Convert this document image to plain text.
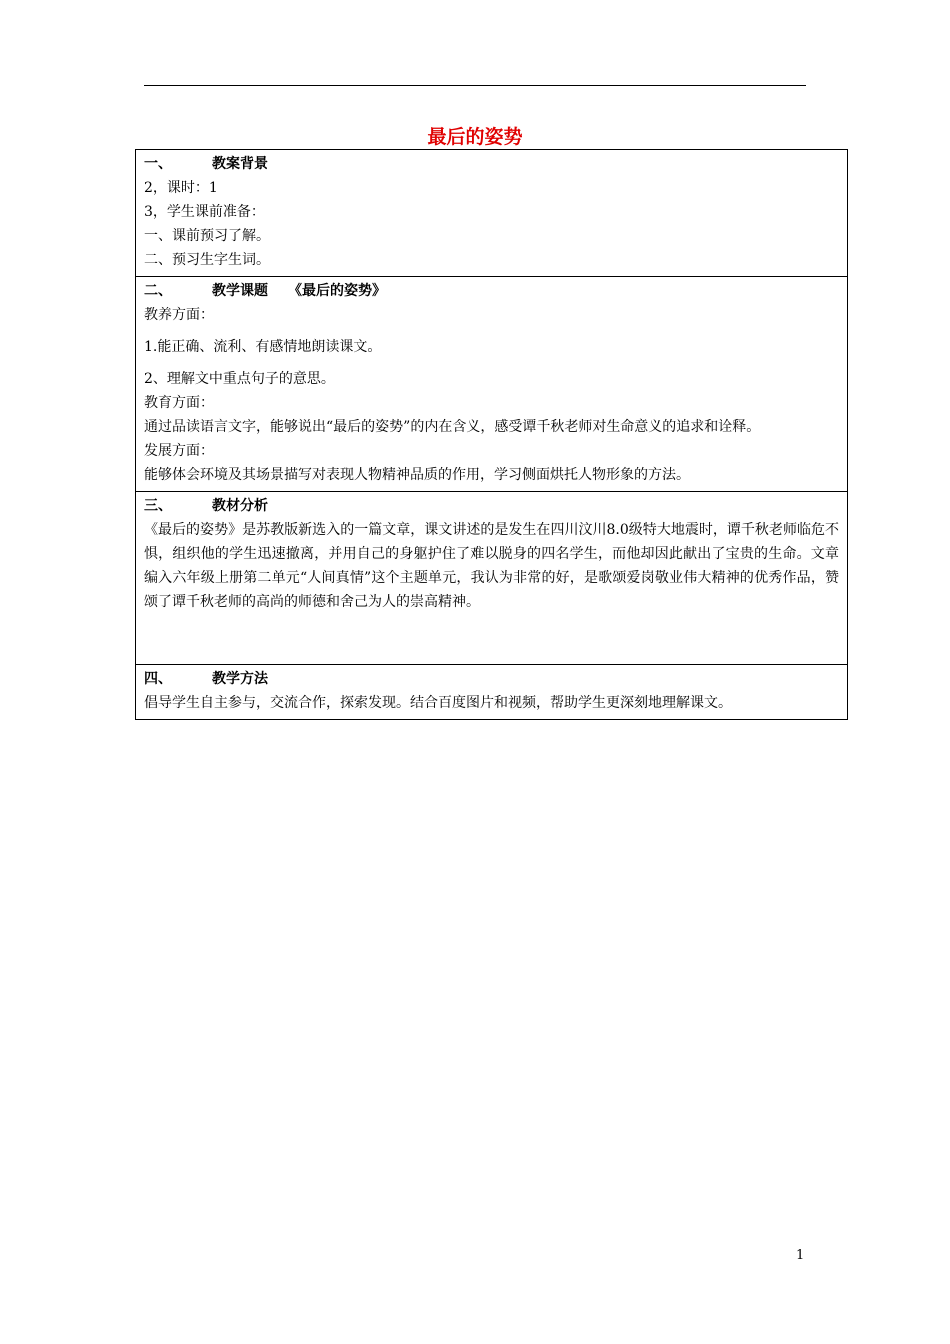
最后的姿势
一、	教案背景
2，课时：1
3，学生课前准备：
一、课前预习了解。
二、预习生字生词。

二、	教学课题 《最后的姿势》
教养方面：
1.能正确、流利、有感情地朗读课文。
2、理解文中重点句子的意思。
教育方面：
通过品读语言文字，能够说出“最后的姿势”的内在含义，感受谭千秋老师对生命意义的追求和诠释。
发展方面：
能够体会环境及其场景描写对表现人物精神品质的作用，学习侧面烘托人物形象的方法。

三、	教材分析
《最后的姿势》是苏教版新选入的一篇文章，课文讲述的是发生在四川汶川8.0级特大地震时，谭千秋老师临危不惧，组织他的学生迅速撤离，并用自己的身躯护住了难以脱身的四名学生，而他却因此献出了宝贵的生命。文章编入六年级上册第二单元“人间真情”这个主题单元，我认为非常的好，是歌颂爱岗敬业伟大精神的优秀作品，赞颂了谭千秋老师的高尚的师德和舍己为人的崇高精神。

四、	教学方法
倡导学生自主参与，交流合作，探索发现。结合百度图片和视频，帮助学生更深刻地理解课文。
1
